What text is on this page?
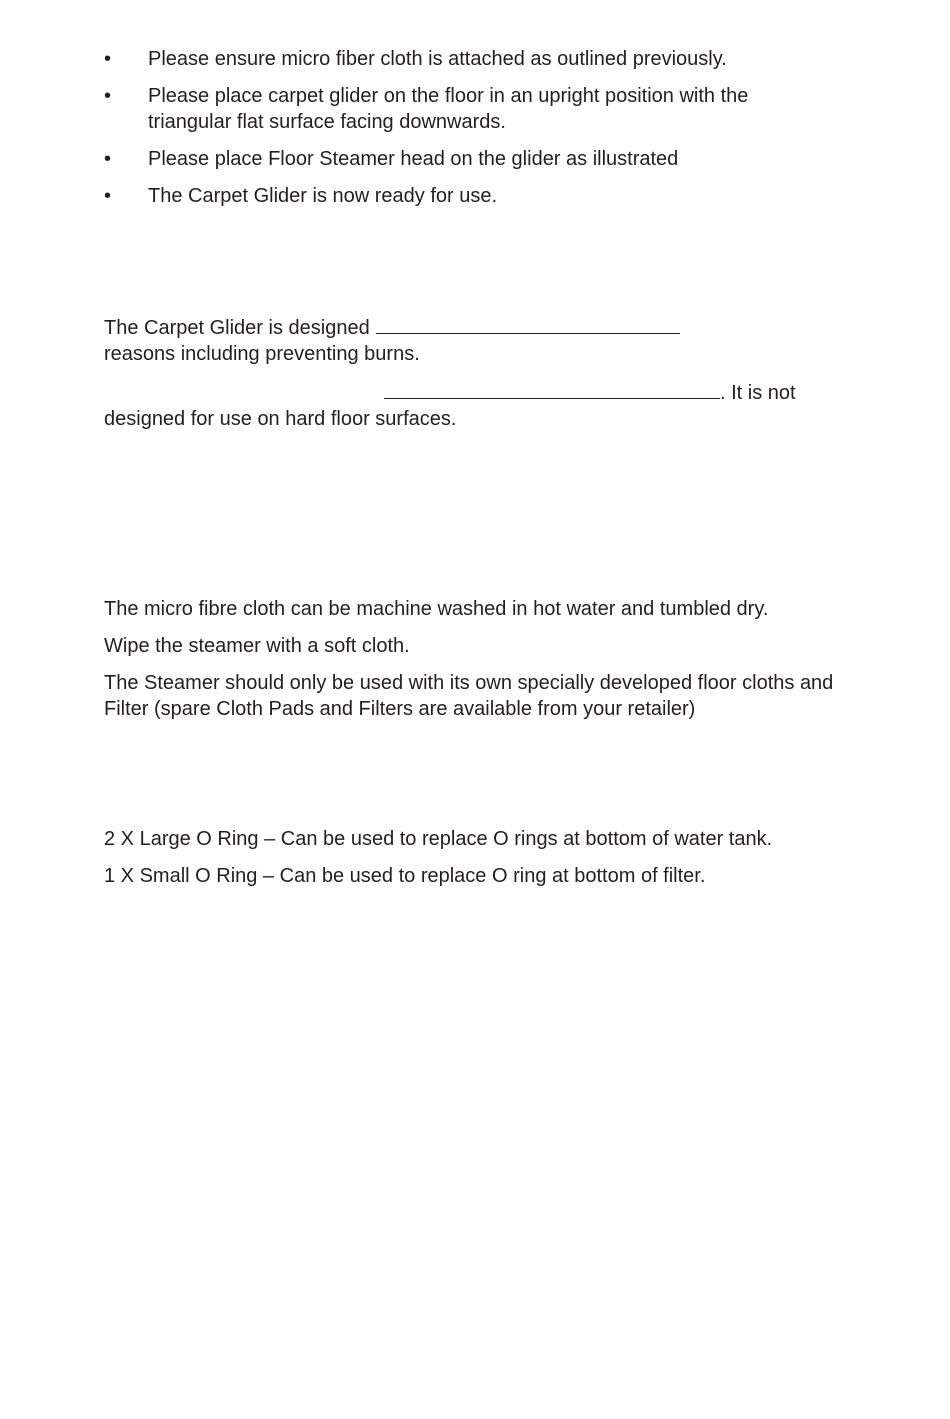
•	Please ensure micro fiber cloth is attached as outlined previously.
•	Please place carpet glider on the floor in an upright position with the triangular flat surface facing downwards.
•	Please place Floor Steamer head on the glider as illustrated
•	The Carpet Glider is now ready for use.
The Carpet Glider is designed
reasons including preventing burns.
. It is not
designed for use on hard floor surfaces.

The micro fibre cloth can be machine washed in hot water and tumbled dry.

Wipe the steamer with a soft cloth.

The Steamer should only be used with its own specially developed floor cloths and Filter (spare Cloth Pads and Filters are available from your retailer)

2 X Large O Ring – Can be used to replace O rings at bottom of water tank.

1 X Small O Ring – Can be used to replace O ring at bottom of filter.
